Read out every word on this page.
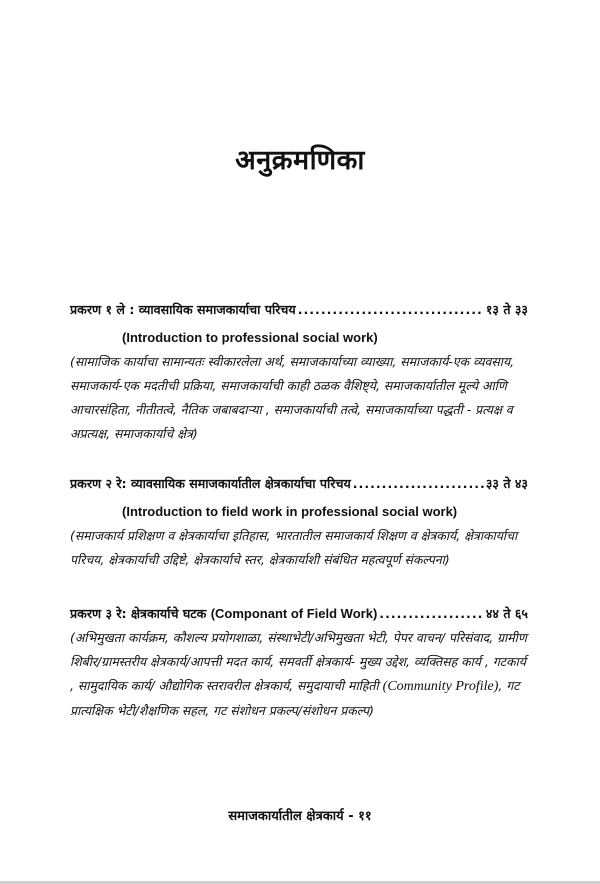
अनुक्रमणिका
प्रकरण १ ले : व्यावसायिक समाजकार्याचा परिचय .....	१३ ते ३३
(Introduction to professional social work)
(सामाजिक कार्याचा सामान्यतः स्वीकारलेला अर्थ, समाजकार्याच्या व्याख्या, समाजकार्य-एक व्यवसाय, समाजकार्य-एक मदतीची प्रक्रिया, समाजकार्याची काही ठळक वैशिष्ट्ये, समाजकार्यातील मूल्ये आणि आचारसंहिता, नीतीतत्वे, नैतिक जबाबदाऱ्या , समाजकार्याची तत्वे, समाजकार्याच्या पद्धती - प्रत्यक्ष व अप्रत्यक्ष, समाजकार्याचे क्षेत्र)
प्रकरण २ रे: व्यावसायिक समाजकार्यातील क्षेत्रकार्याचा परिचय .....	३३ ते ४३
(Introduction to field work in professional social work)
(समाजकार्य प्रशिक्षण व क्षेत्रकार्याचा इतिहास, भारतातील समाजकार्य शिक्षण व क्षेत्रकार्य, क्षेत्राकार्याचा परिचय, क्षेत्रकार्याची उद्दिष्टे, क्षेत्रकार्याचे स्तर, क्षेत्रकार्याशी संबंधित महत्वपूर्ण संकल्पना)
प्रकरण ३ रे: क्षेत्रकार्याचे घटक (Componant of Field Work) .....	४४ ते ६५
(अभिमुखता कार्यक्रम, कौशल्य प्रयोगशाळा, संस्थाभेटी/अभिमुखता भेटी, पेपर वाचन/ परिसंवाद, ग्रामीण शिबीर/ग्रामस्तरीय क्षेत्रकार्य/आपत्ती मदत कार्य, समवर्ती क्षेत्रकार्य- मुख्य उद्देश, व्यक्तिसह कार्य , गटकार्य , सामुदायिक कार्य/ औद्योगिक स्तरावरील क्षेत्रकार्य, समुदायाची माहिती (Community Profile), गट प्रात्यक्षिक भेटी/शैक्षणिक सहल, गट संशोधन प्रकल्प/संशोधन प्रकल्प)
समाजकार्यातील क्षेत्रकार्य - ११
